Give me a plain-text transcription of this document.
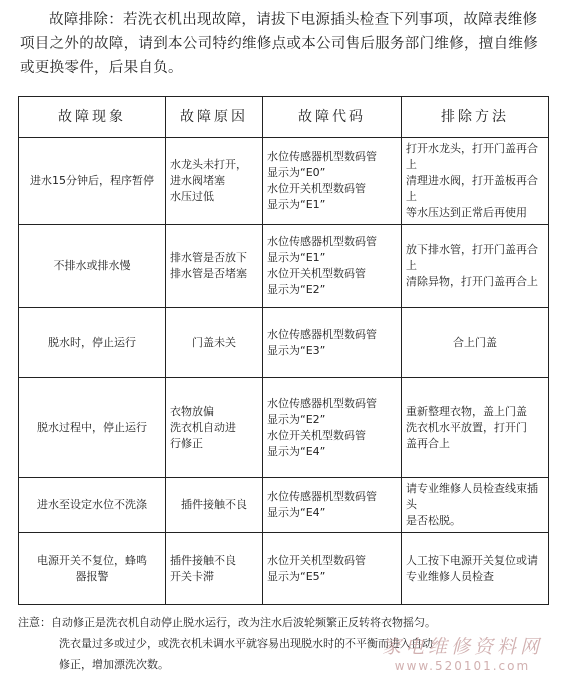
故障排除：若洗衣机出现故障，请拔下电源插头检查下列事项，故障表维修项目之外的故障，请到本公司特约维修点或本公司售后服务部门维修，擅自维修或更换零件，后果自负。

故障现象	故障原因	故障代码	排除方法
进水15分钟后，程序暂停	水龙头未打开，
进水阀堵塞
水压过低	水位传感器机型数码管
显示为“E0”
水位开关机型数码管
显示为“E1”	打开水龙头，打开门盖再合上
清理进水阀，打开盖板再合上
等水压达到正常后再使用
不排水或排水慢	排水管是否放下
排水管是否堵塞	水位传感器机型数码管
显示为“E1”
水位开关机型数码管
显示为“E2”	放下排水管，打开门盖再合上
清除异物，打开门盖再合上
脱水时，停止运行	门盖未关	水位传感器机型数码管
显示为“E3”	合上门盖
脱水过程中，停止运行	衣物放偏
洗衣机自动进
行修正	水位传感器机型数码管
显示为“E2”
水位开关机型数码管
显示为“E4”	重新整理衣物，盖上门盖
洗衣机水平放置，打开门
盖再合上
进水至设定水位不洗涤	插件接触不良	水位传感器机型数码管
显示为“E4”	请专业维修人员检查线束插头
是否松脱。
电源开关不复位，蜂鸣
器报警	插件接触不良
开关卡滞	水位开关机型数码管
显示为“E5”	人工按下电源开关复位或请
专业维修人员检查
注意：自动修正是洗衣机自动停止脱水运行，改为注水后波轮频繁正反转将衣物摇匀。
洗衣量过多或过少，或洗衣机未调水平就容易出现脱水时的不平衡而进入自动
修正，增加漂洗次数。
家电维修资料网
www.520101.com
